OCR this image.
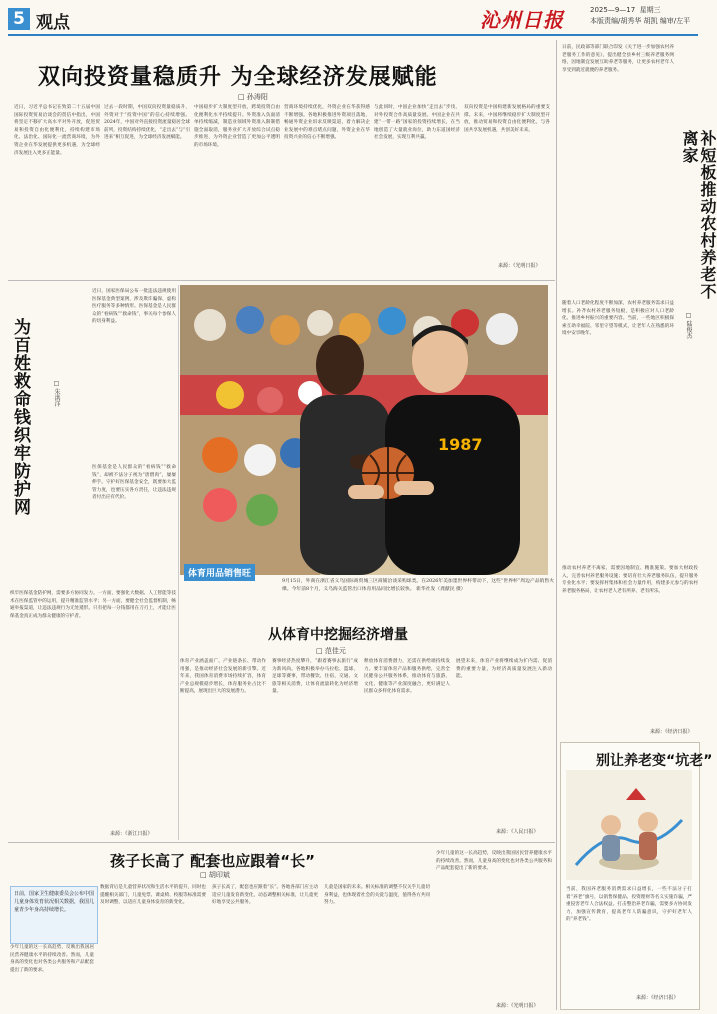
5 观点	沁州日报	2025—9—17 星期三
本版责编/胡秀华 胡凯 编审/左平
双向投资量稳质升 为全球经济发展赋能
□ 孙涛阳
近日，习近平总书记在致第二十五届中国国际投资贸易洽谈会的贺信中指出，中国将坚定不移扩大高水平对外开放，促进贸易和投资自由化便利化，持续构建市场化、法治化、国际化一流营商环境，为外资企业在华发展提供更多机遇，为全球经济发展注入更多正能量。
过去一段时期，中国双向投资量稳质升，外资对于“投资中国”的信心持续增强。2024年，中国对外直接投资流量稳居全球前列，投资结构持续优化，“走出去”与“引进来”相互促进，为全球经济发展赋能。
中国稳步扩大制度型开放，跨境投资自由化便利化水平持续提升。外资准入负面清单持续缩减，制造业领域外资准入限制措施全面取消，服务业扩大开放综合试点稳步推进，为外资企业营造了更加公平透明的市场环境。
营商环境持续优化，外资企业在华获得感不断增强。各地积极推进外资项目落地，畅通外资企业诉求反映渠道，着力解决企业发展中的难点堵点问题，外资企业在华投资兴业的信心不断增强。
与此同时，中国企业加快“走出去”步伐，对外投资合作高质量发展。中国企业在共建“一带一路”国家的投资持续增长，在当地创造了大量就业岗位，助力东道国经济社会发展，实现互利共赢。
双向投资是中国构建新发展格局的重要支撑。未来，中国将继续稳步扩大制度型开放，推动贸易和投资自由化便利化，与各国共享发展机遇，共创美好未来。
来源：《光明日报》
为百姓救命钱织牢防护网	□ 朱洪洋
近日，国家医保局公布一批违法违规使用医保基金典型案例，涉及欺诈骗保、虚构医疗服务等多种情形。医保基金是人民群众的“看病钱”“救命钱”，事关每个参保人的切身利益。
医保基金是人民群众的“看病钱”“救命钱”，却被不法分子视为“唐僧肉”，屡屡伸手。守护好医保基金安全，既要加大监管力度，也要压实各方责任，让违法违规者付出应有代价。
织牢医保基金防护网，需要多方协同发力。一方面，要强化大数据、人工智能等技术在医保监管中的运用，提升精准监管水平；另一方面，要健全社会监督机制，畅通举报渠道，让违法违规行为无处遁形。只有把每一分钱都用在刀刃上，才能让医保基金真正成为群众健康的守护者。
来源：《浙江日报》
1987
体育用品销售旺
9月15日，外商在浙江省义乌国际商贸城三区商铺洽谈采购球类。在2026年美加墨世界杯带动下，这些“世界杯”周边产品销售火爆。今年前8个月，义乌海关监管出口体育用品同比增长较快。 新华社发（龚献民 摄）
从体育中挖掘经济增量
□ 范佳元
体育产业涵盖面广、产业链条长、带动作用强，是推动经济社会发展的新引擎。近年来，我国体育消费市场持续扩容，体育产业总规模稳步增长，体育服务业占比不断提高，展现出巨大的发展潜力。
赛事经济热度攀升，“跟着赛事去旅行”成为新风尚。各地积极举办马拉松、篮球、足球等赛事，带动餐饮、住宿、交通、文旅等相关消费，让体育流量转化为经济增量。
释放体育消费潜力，还需在供给端持续发力。要丰富体育产品和服务供给，完善全民健身公共服务体系，推动体育与旅游、文化、健康等产业深度融合，更好满足人民群众多样化体育需求。
展望未来，体育产业将继续成为扩内需、促消费的重要力量，为经济高质量发展注入新动能。
来源：《人民日报》
补短板推动农村养老不离家
□ 陆俊杰
日前，民政部等部门联合印发《关于进一步加强农村养老服务工作的意见》，提出健全县乡村三级养老服务网络，因地制宜发展互助养老等服务，让更多农村老年人享受到就近就便的养老服务。
随着人口老龄化程度不断加深，农村养老服务需求日益增长。补齐农村养老服务短板，是积极应对人口老龄化、推进乡村振兴的重要内容。当前，一些地区积极探索互助幸福院、邻里守望等模式，让老年人在熟悉的环境中安享晚年。
推动农村养老不离家，需要因地制宜、精准施策。要加大财政投入，完善农村养老服务设施；要培育壮大养老服务队伍，提升服务专业化水平；要发挥村集体和社会力量作用，构建多元参与的农村养老服务格局，让农村老人老有所养、老有所乐。
来源：《经济日报》
别让养老变“坑老”
当前，我国养老服务消费需求日益增长，一些不法分子打着“养老”旗号，以销售保健品、投资理财等名义实施诈骗，严重侵害老年人合法权益。打击整治养老诈骗，需要多方协同发力，加强宣传教育，提高老年人防骗意识，守护好老年人的“养老钱”。
来源：《经济日报》
孩子长高了 配套也应跟着“长”
□ 胡印斌
日前，国家卫生健康委员会公布中国儿童身体发育状况相关数据，我国儿童青少年身高持续增长。
少年儿童的这一长高趋势，反映出我国居民营养健康水平的持续改善。然而，儿童身高的变化也对各类公共服务和产品配套提出了新的要求。
数据背后是儿童营养状况和生活水平的提升，同时也提醒相关部门，儿童免票、课桌椅、校服等标准需要及时调整，以适应儿童身体发育的新变化。
孩子长高了，配套也应跟着“长”。各地各部门应主动适应儿童发育新变化，动态调整相关标准，让儿童更好地享受公共服务。
儿童是国家的未来。相关标准的调整不仅关乎儿童切身利益，也体现着社会的关爱与温度，值得各方共同努力。
少年儿童的这一长高趋势，反映出我国居民营养健康水平的持续改善。然而，儿童身高的变化也对各类公共服务和产品配套提出了新的要求。
来源：《光明日报》
